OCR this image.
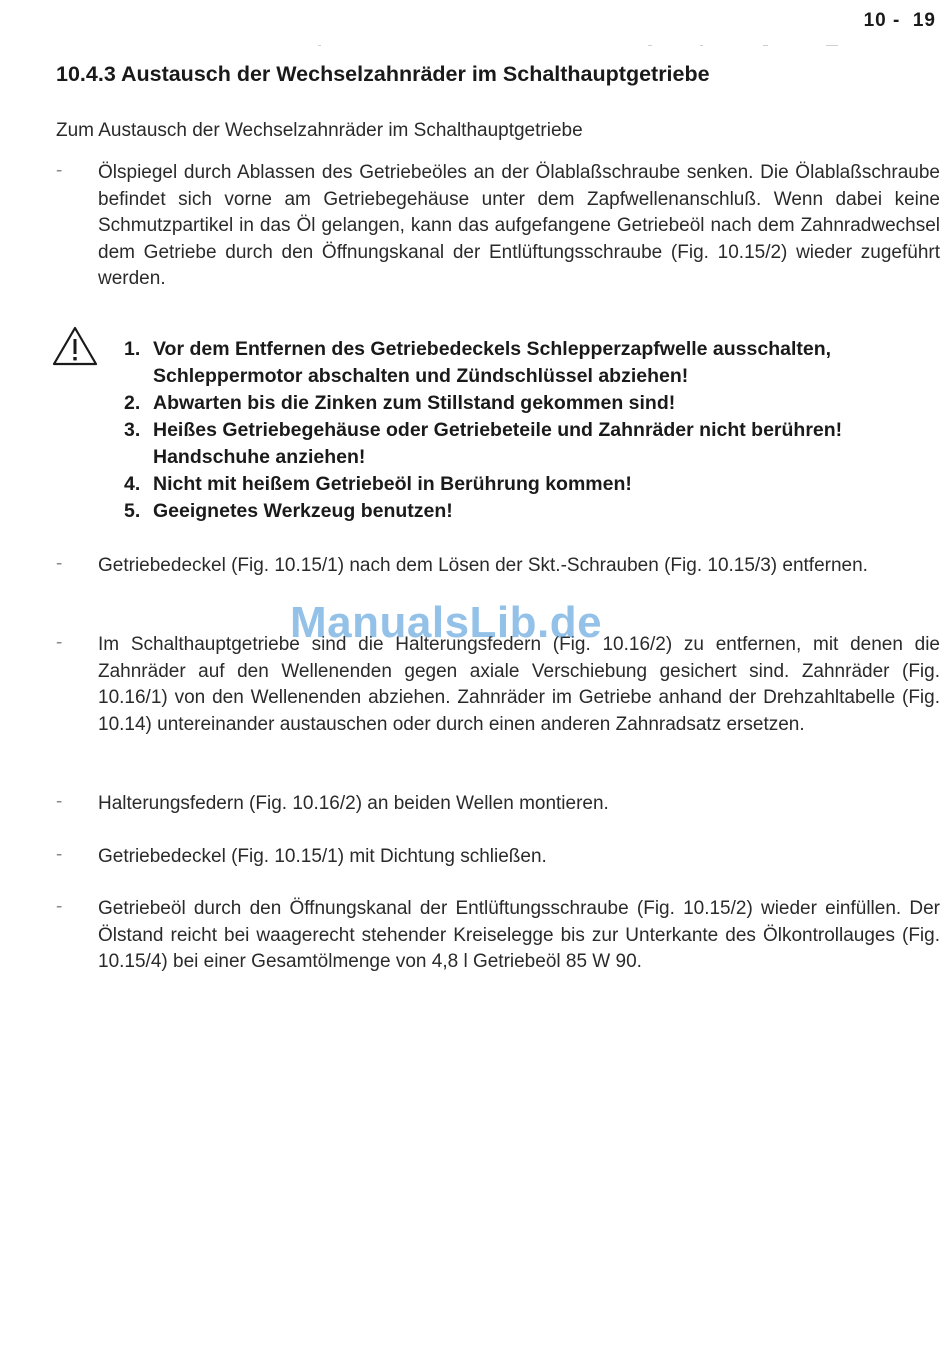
10 -  19
10.4.3 Austausch der Wechselzahnräder im Schalthauptgetriebe
Zum Austausch der Wechselzahnräder im Schalthauptgetriebe
-	Ölspiegel durch Ablassen des Getriebeöles an der Ölablaßschraube senken. Die Ölablaßschraube befindet sich vorne am Getriebegehäuse unter dem Zapfwellenanschluß. Wenn dabei keine Schmutzpartikel in das Öl gelangen, kann das aufgefangene Getriebeöl nach dem Zahnradwechsel dem Getriebe durch den Öffnungskanal der Entlüftungsschraube (Fig. 10.15/2) wieder zugeführt werden.

1. Vor dem Entfernen des Getriebedeckels Schlepperzapfwelle ausschalten, Schleppermotor abschalten und Zündschlüssel abziehen!
2. Abwarten bis die Zinken zum Stillstand gekommen sind!
3. Heißes Getriebegehäuse oder Getriebeteile und Zahnräder nicht berühren! Handschuhe anziehen!
4. Nicht mit heißem Getriebeöl in Berührung kommen!
5. Geeignetes Werkzeug benutzen!
-	Getriebedeckel (Fig. 10.15/1) nach dem Lösen der Skt.-Schrauben (Fig. 10.15/3) entfernen.

-	Im Schalthauptgetriebe sind die Halterungsfedern (Fig. 10.16/2) zu entfernen, mit denen die Zahnräder auf den Wellenenden gegen axiale Verschiebung gesichert sind. Zahnräder (Fig. 10.16/1) von den Wellenenden abziehen. Zahnräder im Getriebe anhand der Drehzahltabelle (Fig. 10.14) untereinander austauschen oder durch einen anderen Zahnradsatz ersetzen.

-	Halterungsfedern (Fig. 10.16/2) an beiden Wellen montieren.

-	Getriebedeckel (Fig. 10.15/1) mit Dichtung schließen.

-	Getriebeöl durch den Öffnungskanal der Entlüftungsschraube (Fig. 10.15/2) wieder einfüllen. Der Ölstand reicht bei waagerecht stehender Kreiselegge bis zur Unterkante des Ölkontrollauges (Fig. 10.15/4) bei einer Gesamtölmenge von 4,8 l Getriebeöl 85 W 90.

ManualsLib.de
